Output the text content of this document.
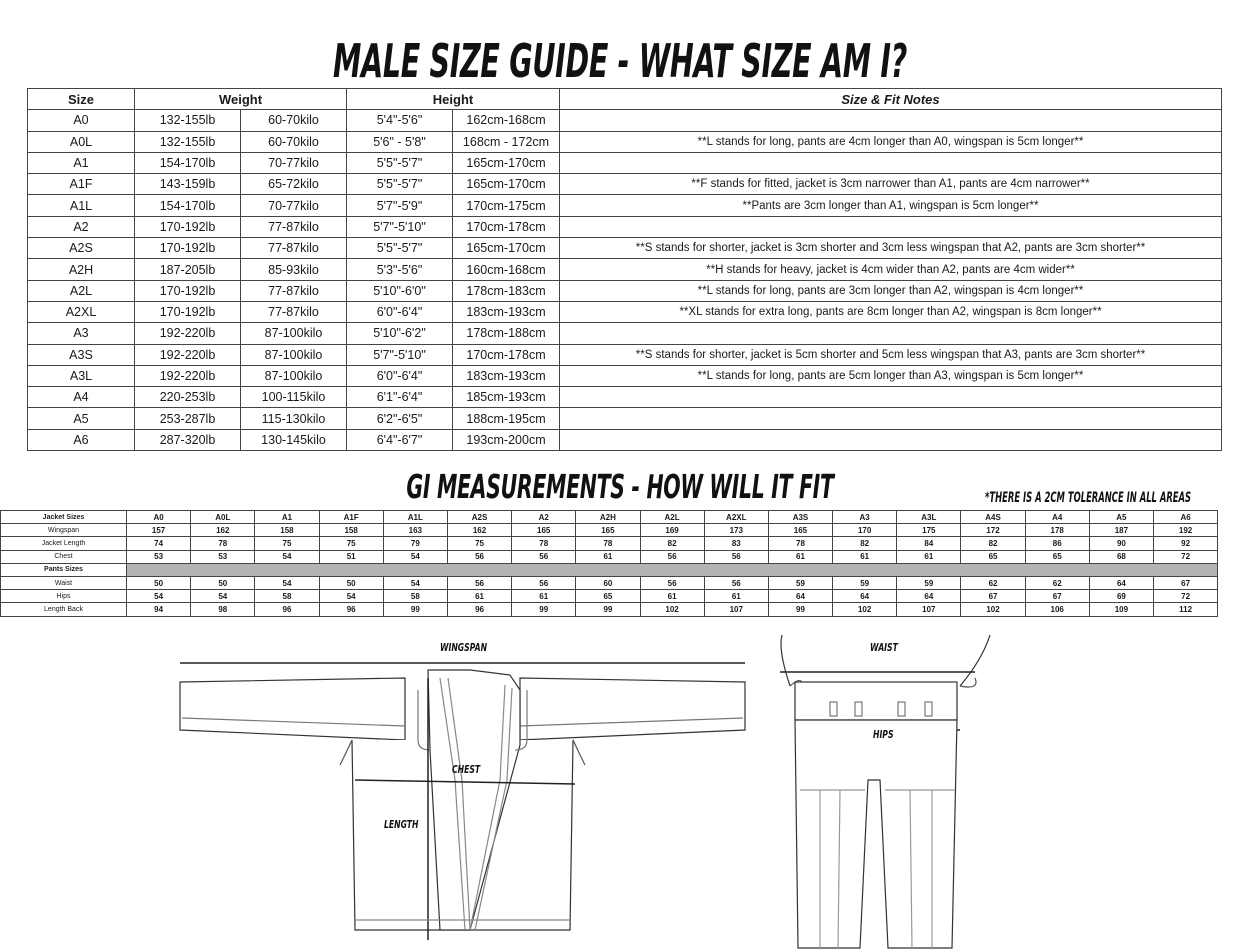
MALE SIZE GUIDE - WHAT SIZE AM I?
Size	Weight		Height		Size & Fit Notes
A0	132-155lb	60-70kilo	5'4"-5'6"	162cm-168cm	
A0L	132-155lb	60-70kilo	5'6" - 5'8"	168cm - 172cm	**L stands for long, pants are 4cm longer than A0, wingspan is 5cm longer**
A1	154-170lb	70-77kilo	5'5"-5'7"	165cm-170cm	
A1F	143-159lb	65-72kilo	5'5"-5'7"	165cm-170cm	**F stands for fitted, jacket is 3cm narrower than A1, pants are 4cm narrower**
A1L	154-170lb	70-77kilo	5'7"-5'9"	170cm-175cm	**Pants are 3cm longer than A1, wingspan is 5cm longer**
A2	170-192lb	77-87kilo	5'7"-5'10"	170cm-178cm	
A2S	170-192lb	77-87kilo	5'5"-5'7"	165cm-170cm	**S stands for shorter, jacket is 3cm shorter and 3cm less wingspan that A2, pants are 3cm shorter**
A2H	187-205lb	85-93kilo	5'3"-5'6"	160cm-168cm	**H stands for heavy, jacket is 4cm wider than A2, pants are 4cm wider**
A2L	170-192lb	77-87kilo	5'10"-6'0"	178cm-183cm	**L stands for long, pants are 3cm longer than A2, wingspan is 4cm longer**
A2XL	170-192lb	77-87kilo	6'0"-6'4"	183cm-193cm	**XL stands for extra long, pants are 8cm longer than A2, wingspan is 8cm longer**
A3	192-220lb	87-100kilo	5'10"-6'2"	178cm-188cm	
A3S	192-220lb	87-100kilo	5'7"-5'10"	170cm-178cm	**S stands for shorter, jacket is 5cm shorter and 5cm less wingspan that A3, pants are 3cm shorter**
A3L	192-220lb	87-100kilo	6'0"-6'4"	183cm-193cm	**L stands for long, pants are 5cm longer than A3, wingspan is 5cm longer**
A4	220-253lb	100-115kilo	6'1"-6'4"	185cm-193cm	
A5	253-287lb	115-130kilo	6'2"-6'5"	188cm-195cm	
A6	287-320lb	130-145kilo	6'4"-6'7"	193cm-200cm	
GI MEASUREMENTS - HOW WILL IT FIT	*THERE IS A 2CM TOLERANCE IN ALL AREAS
Jacket Sizes	A0	A0L	A1	A1F	A1L	A2S	A2	A2H	A2L	A2XL	A3S	A3	A3L	A4S	A4	A5	A6
Wingspan	157	162	158	158	163	162	165	165	169	173	165	170	175	172	178	187	192
Jacket Length	74	78	75	75	79	75	78	78	82	83	78	82	84	82	86	90	92
Chest	53	53	54	51	54	56	56	61	56	56	61	61	61	65	65	68	72
Pants Sizes																	
Waist	50	50	54	50	54	56	56	60	56	56	59	59	59	62	62	64	67
Hips	54	54	58	54	58	61	61	65	61	61	64	64	64	67	67	69	72
Length Back	94	98	96	96	99	96	99	99	102	107	99	102	107	102	106	109	112
WINGSPAN
CHEST
LENGTH
WAIST
HIPS
